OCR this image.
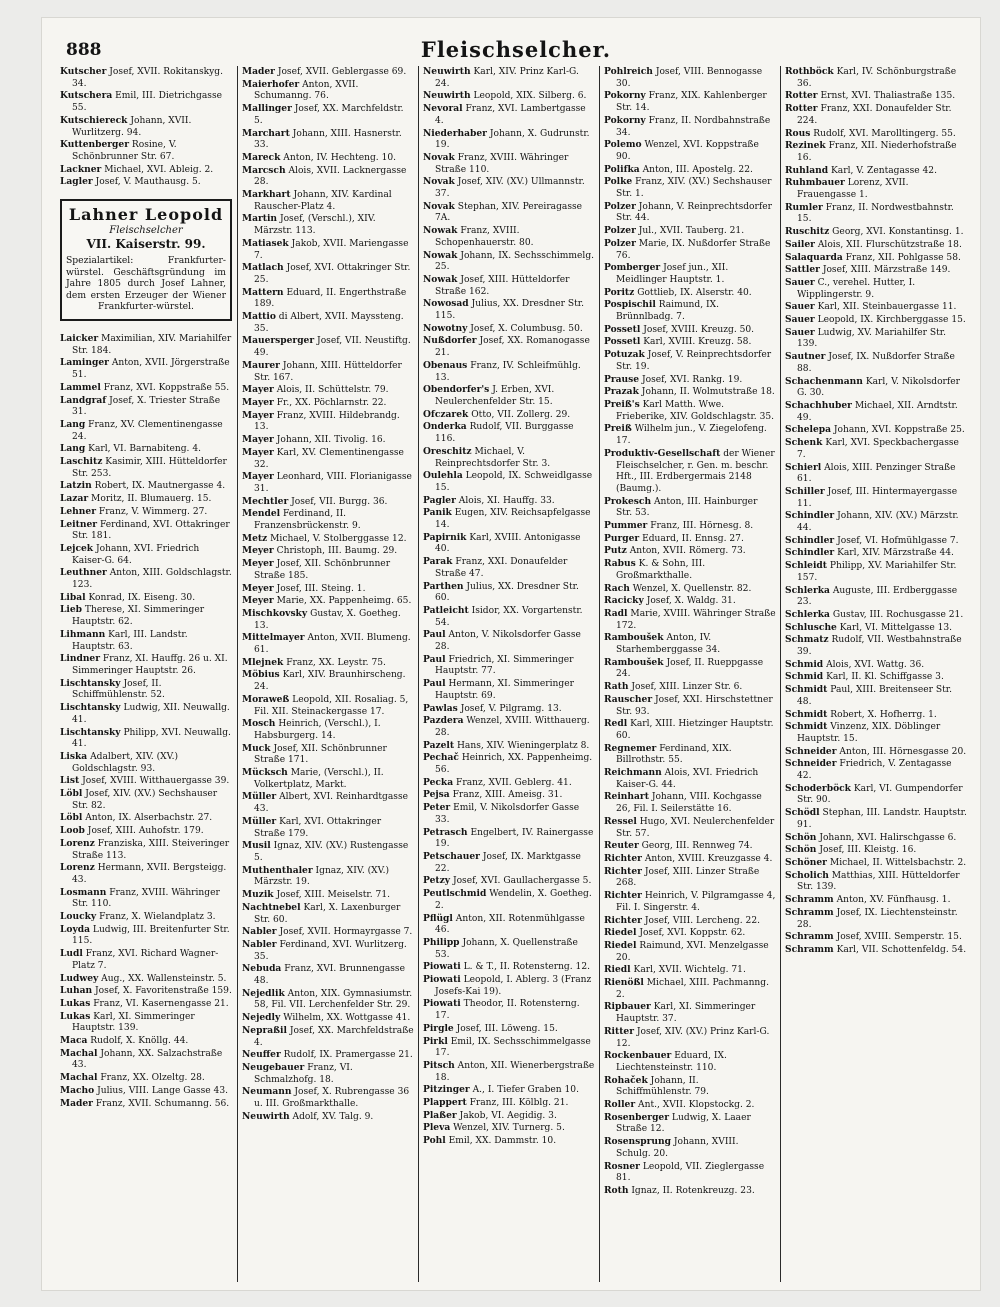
888	Fleischselcher.
Kutscher Josef, XVII. Rokitanskyg. 34.
Kutschera Emil, III. Dietrichgasse 55.
Kutschiereck Johann, XVII. Wurlitzerg. 94.
Kuttenberger Rosine, V. Schönbrunner Str. 67.
Lackner Michael, XVI. Ableig. 2.
Lagler Josef, V. Mauthausg. 5.
Lahner Leopold
Fleischselcher
VII. Kaiserstr. 99.
Spezialartikel: Frankfurter-würstel. Geschäftsgründung im Jahre 1805 durch Josef Lahner, dem ersten Erzeuger der Wiener Frankfurter-würstel.
Laicker Maximilian, XIV. Mariahilfer Str. 184.
Laminger Anton, XVII. Jörgerstraße 51.
Lammel Franz, XVI. Koppstraße 55.
Landgraf Josef, X. Triester Straße 31.
Lang Franz, XV. Clementinengasse 24.
Lang Karl, VI. Barnabiteng. 4.
Laschitz Kasimir, XIII. Hütteldorfer Str. 253.
Latzin Robert, IX. Mautnergasse 4.
Lazar Moritz, II. Blumauerg. 15.
Lehner Franz, V. Wimmerg. 27.
Leitner Ferdinand, XVI. Ottakringer Str. 181.
Lejcek Johann, XVI. Friedrich Kaiser-G. 64.
Leuthner Anton, XIII. Goldschlagstr. 123.
Libal Konrad, IX. Eiseng. 30.
Lieb Therese, XI. Simmeringer Hauptstr. 62.
Lihmann Karl, III. Landstr. Hauptstr. 63.
Lindner Franz, XI. Hauffg. 26 u. XI. Simmeringer Hauptstr. 26.
Lischtansky Josef, II. Schiffmühlenstr. 52.
Lischtansky Ludwig, XII. Neuwallg. 41.
Lischtansky Philipp, XVI. Neuwallg. 41.
Liska Adalbert, XIV. (XV.) Goldschlagstr. 93.
List Josef, XVIII. Witthauergasse 39.
Löbl Josef, XIV. (XV.) Sechshauser Str. 82.
Löbl Anton, IX. Alserbachstr. 27.
Loob Josef, XIII. Auhofstr. 179.
Lorenz Franziska, XIII. Steiveringer Straße 113.
Lorenz Hermann, XVII. Bergsteigg. 43.
Losmann Franz, XVIII. Währinger Str. 110.
Loucky Franz, X. Wielandplatz 3.
Loyda Ludwig, III. Breitenfurter Str. 115.
Ludl Franz, XVI. Richard Wagner-Platz 7.
Ludwey Aug., XX. Wallensteinstr. 5.
Luhan Josef, X. Favoritenstraße 159.
Lukas Franz, VI. Kasernengasse 21.
Lukas Karl, XI. Simmeringer Hauptstr. 139.
Maca Rudolf, X. Knöllg. 44.
Machal Johann, XX. Salzachstraße 43.
Machal Franz, XX. Olzeltg. 28.
Macho Julius, VIII. Lange Gasse 43.
Mader Franz, XVII. Schumanng. 56.
Mader Josef, XVII. Geblergasse 69.
Maierhofer Anton, XVII. Schumanng. 76.
Mallinger Josef, XX. Marchfeldstr. 5.
Marchart Johann, XIII. Hasnerstr. 33.
Mareck Anton, IV. Hechteng. 10.
Marcsch Alois, XVII. Lacknergasse 28.
Markhart Johann, XIV. Kardinal Rauscher-Platz 4.
Martin Josef, (Verschl.), XIV. Märzstr. 113.
Matiasek Jakob, XVII. Mariengasse 7.
Matlach Josef, XVI. Ottakringer Str. 25.
Mattern Eduard, II. Engerthstraße 189.
Mattio di Albert, XVII. Mayssteng. 35.
Mauersperger Josef, VII. Neustiftg. 49.
Maurer Johann, XIII. Hütteldorfer Str. 167.
Mayer Alois, II. Schüttelstr. 79.
Mayer Fr., XX. Pöchlarnstr. 22.
Mayer Franz, XVIII. Hildebrandg. 13.
Mayer Johann, XII. Tivolig. 16.
Mayer Karl, XV. Clementinengasse 32.
Mayer Leonhard, VIII. Florianigasse 31.
Mechtler Josef, VII. Burgg. 36.
Mendel Ferdinand, II. Franzensbrückenstr. 9.
Metz Michael, V. Stolberggasse 12.
Meyer Christoph, III. Baumg. 29.
Meyer Josef, XII. Schönbrunner Straße 185.
Meyer Josef, III. Steing. 1.
Meyer Marie, XX. Pappenheimg. 65.
Mischkovsky Gustav, X. Goetheg. 13.
Mittelmayer Anton, XVII. Blumeng. 61.
Mlejnek Franz, XX. Leystr. 75.
Möbius Karl, XIV. Braunhirscheng. 24.
Moraweß Leopold, XII. Rosaliag. 5, Fil. XII. Steinackergasse 17.
Mosch Heinrich, (Verschl.), I. Habsburgerg. 14.
Muck Josef, XII. Schönbrunner Straße 171.
Mücksch Marie, (Verschl.), II. Volkertplatz, Markt.
Müller Albert, XVI. Reinhardtgasse 43.
Müller Karl, XVI. Ottakringer Straße 179.
Musil Ignaz, XIV. (XV.) Rustengasse 5.
Muthenthaler Ignaz, XIV. (XV.) Märzstr. 19.
Muzik Josef, XIII. Meiselstr. 71.
Nachtnebel Karl, X. Laxenburger Str. 60.
Nabler Josef, XVII. Hormayrgasse 7.
Nabler Ferdinand, XVI. Wurlitzerg. 35.
Nebuda Franz, XVI. Brunnengasse 48.
Nejedlik Anton, XIX. Gymnasiumstr. 58, Fil. VII. Lerchenfelder Str. 29.
Nejedly Wilhelm, XX. Wottgasse 41.
Nepraßil Josef, XX. Marchfeldstraße 4.
Neuffer Rudolf, IX. Pramergasse 21.
Neugebauer Franz, VI. Schmalzhofg. 18.
Neumann Josef, X. Rubrengasse 36 u. III. Großmarkthalle.
Neuwirth Adolf, XV. Talg. 9.
Neuwirth Karl, XIV. Prinz Karl-G. 24.
Neuwirth Leopold, XIX. Silberg. 6.
Nevoral Franz, XVI. Lambertgasse 4.
Niederhaber Johann, X. Gudrunstr. 19.
Novak Franz, XVIII. Währinger Straße 110.
Novak Josef, XIV. (XV.) Ullmannstr. 37.
Novak Stephan, XIV. Pereiragasse 7A.
Nowak Franz, XVIII. Schopenhauerstr. 80.
Nowak Johann, IX. Sechsschimmelg. 25.
Nowak Josef, XIII. Hütteldorfer Straße 162.
Nowosad Julius, XX. Dresdner Str. 115.
Nowotny Josef, X. Columbusg. 50.
Nußdorfer Josef, XX. Romanogasse 21.
Obenaus Franz, IV. Schleifmühlg. 13.
Obendorfer's J. Erben, XVI. Neulerchenfelder Str. 15.
Ofczarek Otto, VII. Zollerg. 29.
Onderka Rudolf, VII. Burggasse 116.
Oreschitz Michael, V. Reinprechtsdorfer Str. 3.
Oulehla Leopold, IX. Schweidlgasse 15.
Pagler Alois, XI. Hauffg. 33.
Panik Eugen, XIV. Reichsapfelgasse 14.
Papirnik Karl, XVIII. Antonigasse 40.
Parak Franz, XXI. Donaufelder Straße 47.
Parthen Julius, XX. Dresdner Str. 60.
Patleicht Isidor, XX. Vorgartenstr. 54.
Paul Anton, V. Nikolsdorfer Gasse 28.
Paul Friedrich, XI. Simmeringer Hauptstr. 77.
Paul Hermann, XI. Simmeringer Hauptstr. 69.
Pawlas Josef, V. Pilgramg. 13.
Pazdera Wenzel, XVIII. Witthauerg. 28.
Pazelt Hans, XIV. Wieningerplatz 8.
Pechač Heinrich, XX. Pappenheimg. 56.
Pecka Franz, XVII. Geblerg. 41.
Pejsa Franz, XIII. Ameisg. 31.
Peter Emil, V. Nikolsdorfer Gasse 33.
Petrasch Engelbert, IV. Rainergasse 19.
Petschauer Josef, IX. Marktgasse 22.
Petzy Josef, XVI. Gaullachergasse 5.
Peutlschmid Wendelin, X. Goetheg. 2.
Pflügl Anton, XII. Rotenmühlgasse 46.
Philipp Johann, X. Quellenstraße 53.
Piowati L. & T., II. Rotensterng. 12.
Piowati Leopold, I. Ablerg. 3 (Franz Josefs-Kai 19).
Piowati Theodor, II. Rotensterng. 17.
Pirgle Josef, III. Löweng. 15.
Pirkl Emil, IX. Sechsschimmelgasse 17.
Pitsch Anton, XII. Wienerbergstraße 18.
Pitzinger A., I. Tiefer Graben 10.
Plappert Franz, III. Kölblg. 21.
Plaßer Jakob, VI. Aegidig. 3.
Pleva Wenzel, XIV. Turnerg. 5.
Pohl Emil, XX. Dammstr. 10.
Pohlreich Josef, VIII. Bennogasse 30.
Pokorny Franz, XIX. Kahlenberger Str. 14.
Pokorny Franz, II. Nordbahnstraße 34.
Polemo Wenzel, XVI. Koppstraße 90.
Polifka Anton, III. Apostelg. 22.
Polke Franz, XIV. (XV.) Sechshauser Str. 1.
Polzer Johann, V. Reinprechtsdorfer Str. 44.
Polzer Jul., XVII. Tauberg. 21.
Polzer Marie, IX. Nußdorfer Straße 76.
Pomberger Josef jun., XII. Meidlinger Hauptstr. 1.
Poritz Gottlieb, IX. Alserstr. 40.
Pospischil Raimund, IX. Brünnlbadg. 7.
Possetl Josef, XVIII. Kreuzg. 50.
Possetl Karl, XVIII. Kreuzg. 58.
Potuzak Josef, V. Reinprechtsdorfer Str. 19.
Prause Josef, XVI. Rankg. 19.
Prazak Johann, II. Wolmutstraße 18.
Preiß's Karl Matth. Wwe. Frieberike, XIV. Goldschlagstr. 35.
Preiß Wilhelm jun., V. Ziegelofeng. 17.
Produktiv-Gesellschaft der Wiener Fleischselcher, r. Gen. m. beschr. Hft., III. Erdbergermais 2148 (Baumg.).
Prokesch Anton, III. Hainburger Str. 53.
Pummer Franz, III. Hörnesg. 8.
Purger Eduard, II. Ennsg. 27.
Putz Anton, XVII. Römerg. 73.
Rabus K. & Sohn, III. Großmarkthalle.
Rach Wenzel, X. Quellenstr. 82.
Racicky Josef, X. Waldg. 31.
Radl Marie, XVIII. Währinger Straße 172.
Ramboušek Anton, IV. Starhemberggasse 34.
Ramboušek Josef, II. Rueppgasse 24.
Rath Josef, XIII. Linzer Str. 6.
Rauscher Josef, XXI. Hirschstettner Str. 93.
Redl Karl, XIII. Hietzinger Hauptstr. 60.
Regnemer Ferdinand, XIX. Billrothstr. 55.
Reichmann Alois, XVI. Friedrich Kaiser-G. 44.
Reinhart Johann, VIII. Kochgasse 26, Fil. I. Seilerstätte 16.
Ressel Hugo, XVI. Neulerchenfelder Str. 57.
Reuter Georg, III. Rennweg 74.
Richter Anton, XVIII. Kreuzgasse 4.
Richter Josef, XIII. Linzer Straße 268.
Richter Heinrich, V. Pilgramgasse 4, Fil. I. Singerstr. 4.
Richter Josef, VIII. Lercheng. 22.
Riedel Josef, XVI. Koppstr. 62.
Riedel Raimund, XVI. Menzelgasse 20.
Riedl Karl, XVII. Wichtelg. 71.
Rienößl Michael, XIII. Pachmanng. 2.
Ripbauer Karl, XI. Simmeringer Hauptstr. 37.
Ritter Josef, XIV. (XV.) Prinz Karl-G. 12.
Rockenbauer Eduard, IX. Liechtensteinstr. 110.
Rohaček Johann, II. Schiffmühlenstr. 79.
Roller Ant., XVII. Klopstockg. 2.
Rosenberger Ludwig, X. Laaer Straße 12.
Rosensprung Johann, XVIII. Schulg. 20.
Rosner Leopold, VII. Zieglergasse 81.
Roth Ignaz, II. Rotenkreuzg. 23.
Rothböck Karl, IV. Schönburgstraße 36.
Rotter Ernst, XVI. Thaliastraße 135.
Rotter Franz, XXI. Donaufelder Str. 224.
Rous Rudolf, XVI. Marolltingerg. 55.
Rezinek Franz, XII. Niederhofstraße 16.
Ruhland Karl, V. Zentagasse 42.
Ruhmbauer Lorenz, XVII. Frauengasse 1.
Rumler Franz, II. Nordwestbahnstr. 15.
Ruschitz Georg, XVI. Konstantinsg. 1.
Sailer Alois, XII. Flurschützstraße 18.
Salaquarda Franz, XII. Pohlgasse 58.
Sattler Josef, XIII. Märzstraße 149.
Sauer C., verehel. Hutter, I. Wipplingerstr. 9.
Sauer Karl, XII. Steinbauergasse 11.
Sauer Leopold, IX. Kirchberggasse 15.
Sauer Ludwig, XV. Mariahilfer Str. 139.
Sautner Josef, IX. Nußdorfer Straße 88.
Schachenmann Karl, V. Nikolsdorfer G. 30.
Schachhuber Michael, XII. Arndtstr. 49.
Schelepa Johann, XVI. Koppstraße 25.
Schenk Karl, XVI. Speckbachergasse 7.
Schierl Alois, XIII. Penzinger Straße 61.
Schiller Josef, III. Hintermayergasse 11.
Schindler Johann, XIV. (XV.) Märzstr. 44.
Schindler Josef, VI. Hofmühlgasse 7.
Schindler Karl, XIV. Märzstraße 44.
Schleidt Philipp, XV. Mariahilfer Str. 157.
Schlerka Auguste, III. Erdberggasse 23.
Schlerka Gustav, III. Rochusgasse 21.
Schlusche Karl, VI. Mittelgasse 13.
Schmatz Rudolf, VII. Westbahnstraße 39.
Schmid Alois, XVI. Wattg. 36.
Schmid Karl, II. Kl. Schiffgasse 3.
Schmidt Paul, XIII. Breitenseer Str. 48.
Schmidt Robert, X. Hofherrg. 1.
Schmidt Vinzenz, XIX. Döblinger Hauptstr. 15.
Schneider Anton, III. Hörnesgasse 20.
Schneider Friedrich, V. Zentagasse 42.
Schoderböck Karl, VI. Gumpendorfer Str. 90.
Schödl Stephan, III. Landstr. Hauptstr. 91.
Schön Johann, XVI. Halirschgasse 6.
Schön Josef, III. Kleistg. 16.
Schöner Michael, II. Wittelsbachstr. 2.
Scholich Matthias, XIII. Hütteldorfer Str. 139.
Schramm Anton, XV. Fünfhausg. 1.
Schramm Josef, IX. Liechtensteinstr. 28.
Schramm Josef, XVIII. Semperstr. 15.
Schramm Karl, VII. Schottenfeldg. 54.
